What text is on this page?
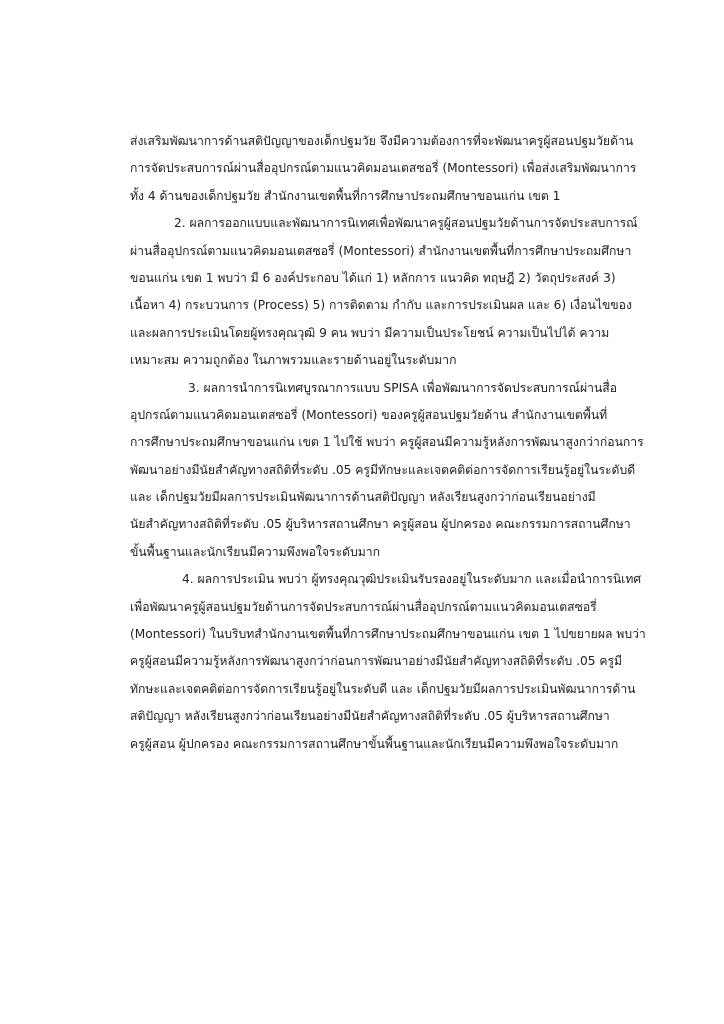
ส่งเสริมพัฒนาการด้านสติปัญญาของเด็กปฐมวัย จึงมีความต้องการที่จะพัฒนาครูผู้สอนปฐมวัยด้าน
การจัดประสบการณ์ผ่านสื่ออุปกรณ์ตามแนวคิดมอนเตสซอรี่ (Montessori) เพื่อส่งเสริมพัฒนาการ
ทั้ง 4 ด้านของเด็กปฐมวัย สำนักงานเขตพื้นที่การศึกษาประถมศึกษาขอนแก่น เขต 1
2. ผลการออกแบบและพัฒนาการนิเทศเพื่อพัฒนาครูผู้สอนปฐมวัยด้านการจัดประสบการณ์
ผ่านสื่ออุปกรณ์ตามแนวคิดมอนเตสซอรี่ (Montessori) สำนักงานเขตพื้นที่การศึกษาประถมศึกษา
ขอนแก่น เขต 1 พบว่า มี 6 องค์ประกอบ ได้แก่ 1) หลักการ แนวคิด ทฤษฎี 2) วัตถุประสงค์ 3)
เนื้อหา 4) กระบวนการ (Process) 5) การติดตาม กำกับ และการประเมินผล และ 6) เงื่อนไขของ
และผลการประเมินโดยผู้ทรงคุณวุฒิ 9 คน พบว่า มีความเป็นประโยชน์ ความเป็นไปได้ ความ
เหมาะสม ความถูกต้อง ในภาพรวมและรายด้านอยู่ในระดับมาก
3. ผลการนำการนิเทศบูรณาการแบบ SPISA เพื่อพัฒนาการจัดประสบการณ์ผ่านสื่อ
อุปกรณ์ตามแนวคิดมอนเตสซอรี่ (Montessori) ของครูผู้สอนปฐมวัยด้าน สำนักงานเขตพื้นที่
การศึกษาประถมศึกษาขอนแก่น เขต 1 ไปใช้ พบว่า ครูผู้สอนมีความรู้หลังการพัฒนาสูงกว่าก่อนการ
พัฒนาอย่างมีนัยสำคัญทางสถิติที่ระดับ .05 ครูมีทักษะและเจตคติต่อการจัดการเรียนรู้อยู่ในระดับดี
และ เด็กปฐมวัยมีผลการประเมินพัฒนาการด้านสติปัญญา หลังเรียนสูงกว่าก่อนเรียนอย่างมี
นัยสำคัญทางสถิติที่ระดับ .05 ผู้บริหารสถานศึกษา ครูผู้สอน ผู้ปกครอง คณะกรรมการสถานศึกษา
ขั้นพื้นฐานและนักเรียนมีความพึงพอใจระดับมาก
4. ผลการประเมิน พบว่า ผู้ทรงคุณวุฒิประเมินรับรองอยู่ในระดับมาก และเมื่อนำการนิเทศ
เพื่อพัฒนาครูผู้สอนปฐมวัยด้านการจัดประสบการณ์ผ่านสื่ออุปกรณ์ตามแนวคิดมอนเตสซอรี่
(Montessori) ในบริบทสำนักงานเขตพื้นที่การศึกษาประถมศึกษาขอนแก่น เขต 1 ไปขยายผล พบว่า
ครูผู้สอนมีความรู้หลังการพัฒนาสูงกว่าก่อนการพัฒนาอย่างมีนัยสำคัญทางสถิติที่ระดับ .05 ครูมี
ทักษะและเจตคติต่อการจัดการเรียนรู้อยู่ในระดับดี และ เด็กปฐมวัยมีผลการประเมินพัฒนาการด้าน
สติปัญญา หลังเรียนสูงกว่าก่อนเรียนอย่างมีนัยสำคัญทางสถิติที่ระดับ .05 ผู้บริหารสถานศึกษา
ครูผู้สอน ผู้ปกครอง คณะกรรมการสถานศึกษาขั้นพื้นฐานและนักเรียนมีความพึงพอใจระดับมาก
